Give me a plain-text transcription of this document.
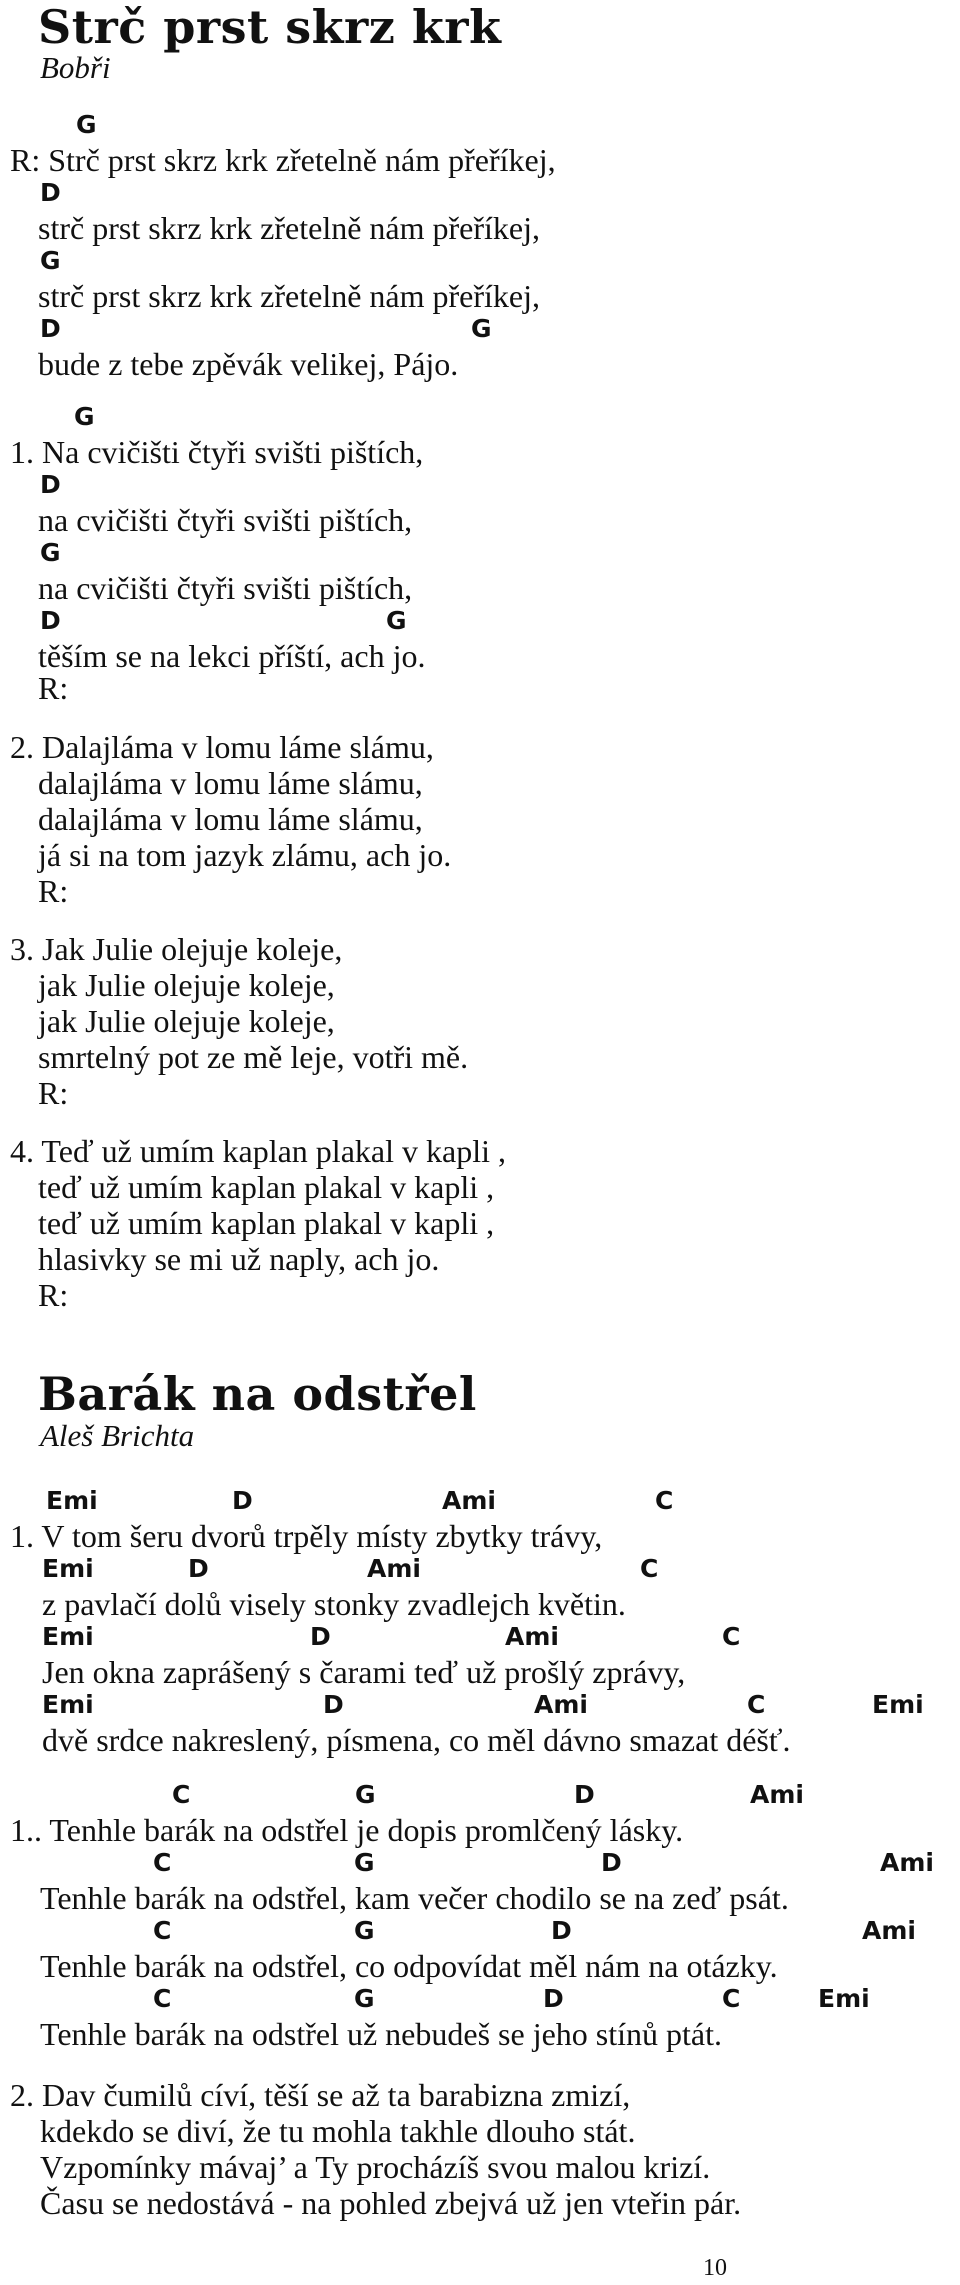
Strč prst skrz krk

Bobři

G

R: Strč prst skrz krk zřetelně nám přeříkej,

D

strč prst skrz krk zřetelně nám přeříkej,

G

strč prst skrz krk zřetelně nám přeříkej,

D

	G

bude z tebe zpěvák velikej, Pájo.

G

1. Na cvičišti čtyři svišti pištích,

D

na cvičišti čtyři svišti pištích,

G

na cvičišti čtyři svišti pištích,

D

	G

těším se na lekci příští, ach jo.

R:

2. Dalajláma v lomu láme slámu,

dalajláma v lomu láme slámu,

dalajláma v lomu láme slámu,

já si na tom jazyk zlámu, ach jo.

R:

3. Jak Julie olejuje koleje,

jak Julie olejuje koleje,

jak Julie olejuje koleje,

smrtelný pot ze mě leje, votři mě.

R:

4. Teď už umím kaplan plakal v kapli ,

teď už umím kaplan plakal v kapli ,

teď už umím kaplan plakal v kapli ,

hlasivky se mi už naply, ach jo.

R:

Barák na odstřel

Aleš Brichta

Emi

	D

	Ami

	C

1. V tom šeru dvorů trpěly místy zbytky trávy,

Emi

	D

	Ami

	C

z pavlačí dolů visely stonky zvadlejch květin.

Emi

	D

	Ami

	C

Jen okna zaprášený s čarami teď už prošlý zprávy,

Emi

	D

	Ami

	C

	Emi

dvě srdce nakreslený, písmena, co měl dávno smazat déšť.

C

	G

	D

	Ami

1.. Tenhle barák na odstřel je dopis promlčený lásky.

C

	G

	D

	Ami

Tenhle barák na odstřel, kam večer chodilo se na zeď psát.

C

	G

	D

	Ami

Tenhle barák na odstřel, co odpovídat měl nám na otázky.

C

	G

	D

	C

	Emi

Tenhle barák na odstřel už nebudeš se jeho stínů ptát.

2. Dav čumilů cíví, těší se až ta barabizna zmizí,

kdekdo se diví, že tu mohla takhle dlouho stát.

Vzpomínky mávaj’ a Ty procházíš svou malou krizí.

Času se nedostává - na pohled zbejvá už jen vteřin pár.

10
